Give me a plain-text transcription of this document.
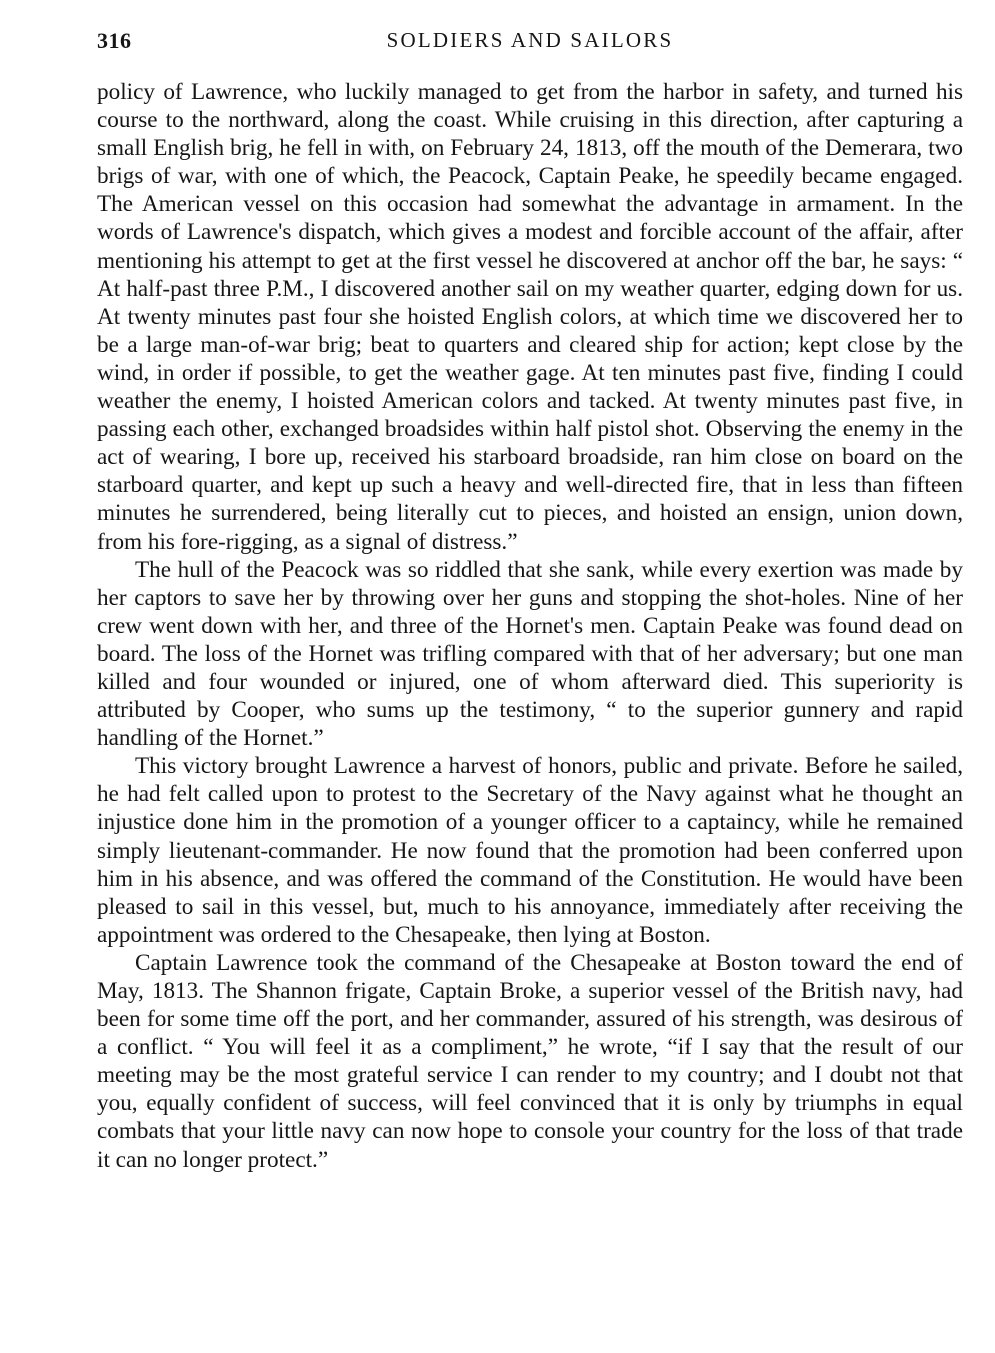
316	SOLDIERS AND SAILORS

policy of Lawrence, who luckily managed to get from the harbor in safety, and turned his course to the northward, along the coast. While cruising in this direction, after capturing a small English brig, he fell in with, on February 24, 1813, off the mouth of the Demerara, two brigs of war, with one of which, the Peacock, Captain Peake, he speedily became engaged. The American vessel on this occasion had somewhat the advantage in armament. In the words of Lawrence's dispatch, which gives a modest and forcible account of the affair, after mentioning his attempt to get at the first vessel he discovered at anchor off the bar, he says: “ At half-past three P.M., I discovered another sail on my weather quarter, edging down for us. At twenty minutes past four she hoisted English colors, at which time we discovered her to be a large man-of-war brig; beat to quarters and cleared ship for action; kept close by the wind, in order if possible, to get the weather gage. At ten minutes past five, finding I could weather the enemy, I hoisted American colors and tacked. At twenty minutes past five, in passing each other, exchanged broadsides within half pistol shot. Observing the enemy in the act of wearing, I bore up, received his starboard broadside, ran him close on board on the starboard quarter, and kept up such a heavy and well-directed fire, that in less than fifteen minutes he surrendered, being literally cut to pieces, and hoisted an ensign, union down, from his fore-rigging, as a signal of distress.”

The hull of the Peacock was so riddled that she sank, while every exertion was made by her captors to save her by throwing over her guns and stopping the shot-holes. Nine of her crew went down with her, and three of the Hornet's men. Captain Peake was found dead on board. The loss of the Hornet was trifling compared with that of her adversary; but one man killed and four wounded or injured, one of whom afterward died. This superiority is attributed by Cooper, who sums up the testimony, “ to the superior gunnery and rapid handling of the Hornet.”

This victory brought Lawrence a harvest of honors, public and private. Before he sailed, he had felt called upon to protest to the Secretary of the Navy against what he thought an injustice done him in the promotion of a younger officer to a captaincy, while he remained simply lieutenant-commander. He now found that the promotion had been conferred upon him in his absence, and was offered the command of the Constitution. He would have been pleased to sail in this vessel, but, much to his annoyance, immediately after receiving the appointment was ordered to the Chesapeake, then lying at Boston.

Captain Lawrence took the command of the Chesapeake at Boston toward the end of May, 1813. The Shannon frigate, Captain Broke, a superior vessel of the British navy, had been for some time off the port, and her commander, assured of his strength, was desirous of a conflict. “ You will feel it as a compliment,” he wrote, “if I say that the result of our meeting may be the most grateful service I can render to my country; and I doubt not that you, equally confident of success, will feel convinced that it is only by triumphs in equal combats that your little navy can now hope to console your country for the loss of that trade it can no longer protect.”
